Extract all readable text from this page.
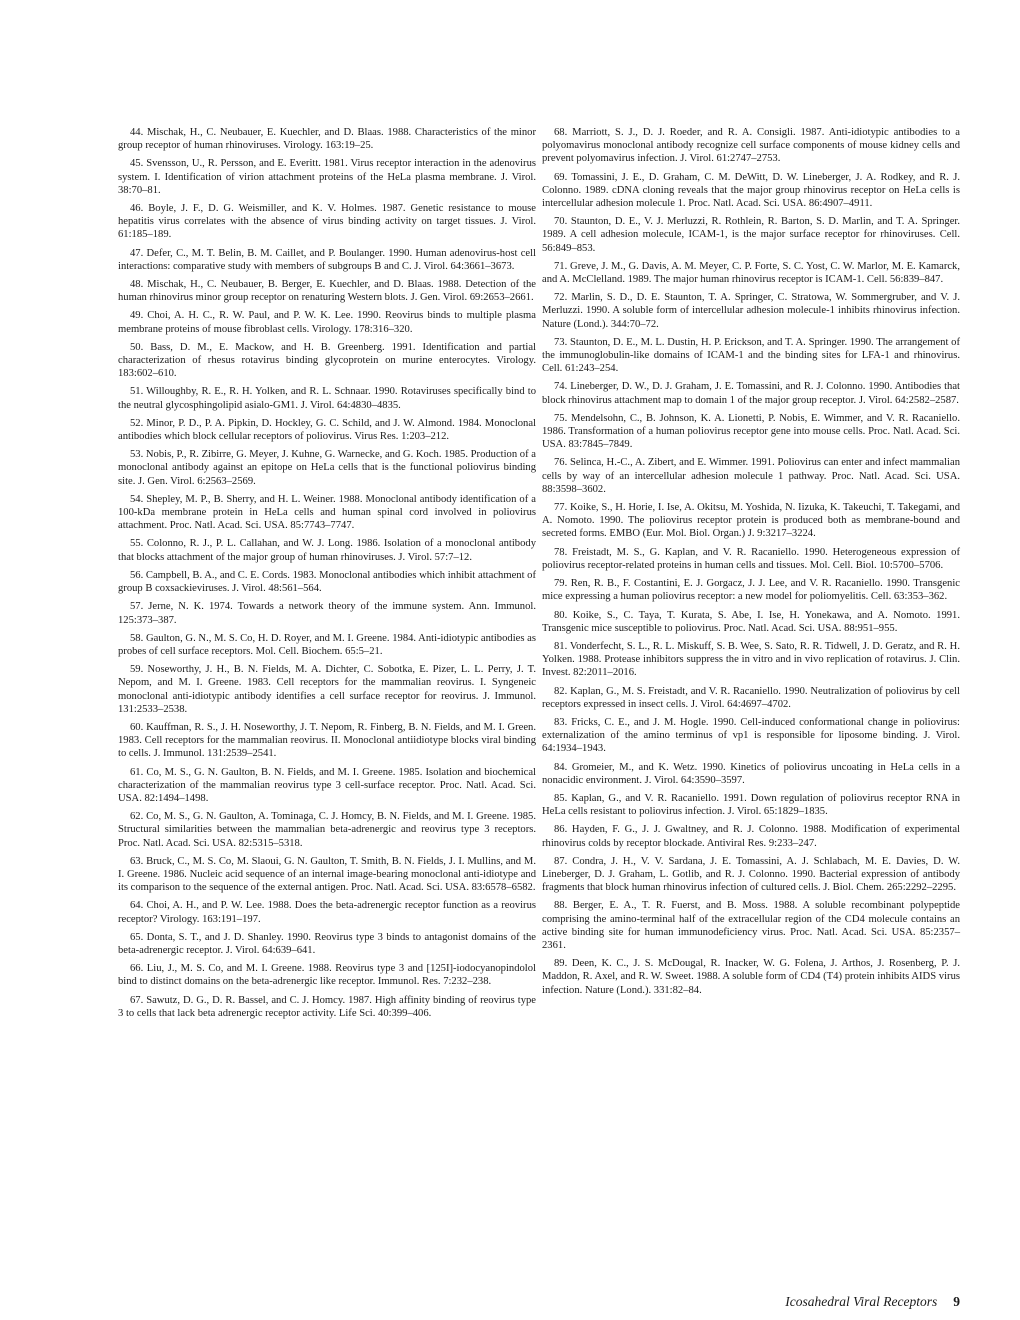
44. Mischak, H., C. Neubauer, E. Kuechler, and D. Blaas. 1988. Characteristics of the minor group receptor of human rhinoviruses. Virology. 163:19–25.

45. Svensson, U., R. Persson, and E. Everitt. 1981. Virus receptor interaction in the adenovirus system. I. Identification of virion attachment proteins of the HeLa plasma membrane. J. Virol. 38:70–81.

46. Boyle, J. F., D. G. Weismiller, and K. V. Holmes. 1987. Genetic resistance to mouse hepatitis virus correlates with the absence of virus binding activity on target tissues. J. Virol. 61:185–189.

47. Defer, C., M. T. Belin, B. M. Caillet, and P. Boulanger. 1990. Human adenovirus-host cell interactions: comparative study with members of subgroups B and C. J. Virol. 64:3661–3673.

48. Mischak, H., C. Neubauer, B. Berger, E. Kuechler, and D. Blaas. 1988. Detection of the human rhinovirus minor group receptor on renaturing Western blots. J. Gen. Virol. 69:2653–2661.

49. Choi, A. H. C., R. W. Paul, and P. W. K. Lee. 1990. Reovirus binds to multiple plasma membrane proteins of mouse fibroblast cells. Virology. 178:316–320.

50. Bass, D. M., E. Mackow, and H. B. Greenberg. 1991. Identification and partial characterization of rhesus rotavirus binding glycoprotein on murine enterocytes. Virology. 183:602–610.

51. Willoughby, R. E., R. H. Yolken, and R. L. Schnaar. 1990. Rotaviruses specifically bind to the neutral glycosphingolipid asialo-GM1. J. Virol. 64:4830–4835.

52. Minor, P. D., P. A. Pipkin, D. Hockley, G. C. Schild, and J. W. Almond. 1984. Monoclonal antibodies which block cellular receptors of poliovirus. Virus Res. 1:203–212.

53. Nobis, P., R. Zibirre, G. Meyer, J. Kuhne, G. Warnecke, and G. Koch. 1985. Production of a monoclonal antibody against an epitope on HeLa cells that is the functional poliovirus binding site. J. Gen. Virol. 6:2563–2569.

54. Shepley, M. P., B. Sherry, and H. L. Weiner. 1988. Monoclonal antibody identification of a 100-kDa membrane protein in HeLa cells and human spinal cord involved in poliovirus attachment. Proc. Natl. Acad. Sci. USA. 85:7743–7747.

55. Colonno, R. J., P. L. Callahan, and W. J. Long. 1986. Isolation of a monoclonal antibody that blocks attachment of the major group of human rhinoviruses. J. Virol. 57:7–12.

56. Campbell, B. A., and C. E. Cords. 1983. Monoclonal antibodies which inhibit attachment of group B coxsackieviruses. J. Virol. 48:561–564.

57. Jerne, N. K. 1974. Towards a network theory of the immune system. Ann. Immunol. 125:373–387.

58. Gaulton, G. N., M. S. Co, H. D. Royer, and M. I. Greene. 1984. Anti-idiotypic antibodies as probes of cell surface receptors. Mol. Cell. Biochem. 65:5–21.

59. Noseworthy, J. H., B. N. Fields, M. A. Dichter, C. Sobotka, E. Pizer, L. L. Perry, J. T. Nepom, and M. I. Greene. 1983. Cell receptors for the mammalian reovirus. I. Syngeneic monoclonal anti-idiotypic antibody identifies a cell surface receptor for reovirus. J. Immunol. 131:2533–2538.

60. Kauffman, R. S., J. H. Noseworthy, J. T. Nepom, R. Finberg, B. N. Fields, and M. I. Green. 1983. Cell receptors for the mammalian reovirus. II. Monoclonal antiidiotype blocks viral binding to cells. J. Immunol. 131:2539–2541.

61. Co, M. S., G. N. Gaulton, B. N. Fields, and M. I. Greene. 1985. Isolation and biochemical characterization of the mammalian reovirus type 3 cell-surface receptor. Proc. Natl. Acad. Sci. USA. 82:1494–1498.

62. Co, M. S., G. N. Gaulton, A. Tominaga, C. J. Homcy, B. N. Fields, and M. I. Greene. 1985. Structural similarities between the mammalian beta-adrenergic and reovirus type 3 receptors. Proc. Natl. Acad. Sci. USA. 82:5315–5318.

63. Bruck, C., M. S. Co, M. Slaoui, G. N. Gaulton, T. Smith, B. N. Fields, J. I. Mullins, and M. I. Greene. 1986. Nucleic acid sequence of an internal image-bearing monoclonal anti-idiotype and its comparison to the sequence of the external antigen. Proc. Natl. Acad. Sci. USA. 83:6578–6582.

64. Choi, A. H., and P. W. Lee. 1988. Does the beta-adrenergic receptor function as a reovirus receptor? Virology. 163:191–197.

65. Donta, S. T., and J. D. Shanley. 1990. Reovirus type 3 binds to antagonist domains of the beta-adrenergic receptor. J. Virol. 64:639–641.

66. Liu, J., M. S. Co, and M. I. Greene. 1988. Reovirus type 3 and [125I]-iodocyanopindolol bind to distinct domains on the beta-adrenergic like receptor. Immunol. Res. 7:232–238.

67. Sawutz, D. G., D. R. Bassel, and C. J. Homcy. 1987. High affinity binding of reovirus type 3 to cells that lack beta adrenergic receptor activity. Life Sci. 40:399–406.

68. Marriott, S. J., D. J. Roeder, and R. A. Consigli. 1987. Anti-idiotypic antibodies to a polyomavirus monoclonal antibody recognize cell surface components of mouse kidney cells and prevent polyomavirus infection. J. Virol. 61:2747–2753.

69. Tomassini, J. E., D. Graham, C. M. DeWitt, D. W. Lineberger, J. A. Rodkey, and R. J. Colonno. 1989. cDNA cloning reveals that the major group rhinovirus receptor on HeLa cells is intercellular adhesion molecule 1. Proc. Natl. Acad. Sci. USA. 86:4907–4911.

70. Staunton, D. E., V. J. Merluzzi, R. Rothlein, R. Barton, S. D. Marlin, and T. A. Springer. 1989. A cell adhesion molecule, ICAM-1, is the major surface receptor for rhinoviruses. Cell. 56:849–853.

71. Greve, J. M., G. Davis, A. M. Meyer, C. P. Forte, S. C. Yost, C. W. Marlor, M. E. Kamarck, and A. McClelland. 1989. The major human rhinovirus receptor is ICAM-1. Cell. 56:839–847.

72. Marlin, S. D., D. E. Staunton, T. A. Springer, C. Stratowa, W. Sommergruber, and V. J. Merluzzi. 1990. A soluble form of intercellular adhesion molecule-1 inhibits rhinovirus infection. Nature (Lond.). 344:70–72.

73. Staunton, D. E., M. L. Dustin, H. P. Erickson, and T. A. Springer. 1990. The arrangement of the immunoglobulin-like domains of ICAM-1 and the binding sites for LFA-1 and rhinovirus. Cell. 61:243–254.

74. Lineberger, D. W., D. J. Graham, J. E. Tomassini, and R. J. Colonno. 1990. Antibodies that block rhinovirus attachment map to domain 1 of the major group receptor. J. Virol. 64:2582–2587.

75. Mendelsohn, C., B. Johnson, K. A. Lionetti, P. Nobis, E. Wimmer, and V. R. Racaniello. 1986. Transformation of a human poliovirus receptor gene into mouse cells. Proc. Natl. Acad. Sci. USA. 83:7845–7849.

76. Selinca, H.-C., A. Zibert, and E. Wimmer. 1991. Poliovirus can enter and infect mammalian cells by way of an intercellular adhesion molecule 1 pathway. Proc. Natl. Acad. Sci. USA. 88:3598–3602.

77. Koike, S., H. Horie, I. Ise, A. Okitsu, M. Yoshida, N. Iizuka, K. Takeuchi, T. Takegami, and A. Nomoto. 1990. The poliovirus receptor protein is produced both as membrane-bound and secreted forms. EMBO (Eur. Mol. Biol. Organ.) J. 9:3217–3224.

78. Freistadt, M. S., G. Kaplan, and V. R. Racaniello. 1990. Heterogeneous expression of poliovirus receptor-related proteins in human cells and tissues. Mol. Cell. Biol. 10:5700–5706.

79. Ren, R. B., F. Costantini, E. J. Gorgacz, J. J. Lee, and V. R. Racaniello. 1990. Transgenic mice expressing a human poliovirus receptor: a new model for poliomyelitis. Cell. 63:353–362.

80. Koike, S., C. Taya, T. Kurata, S. Abe, I. Ise, H. Yonekawa, and A. Nomoto. 1991. Transgenic mice susceptible to poliovirus. Proc. Natl. Acad. Sci. USA. 88:951–955.

81. Vonderfecht, S. L., R. L. Miskuff, S. B. Wee, S. Sato, R. R. Tidwell, J. D. Geratz, and R. H. Yolken. 1988. Protease inhibitors suppress the in vitro and in vivo replication of rotavirus. J. Clin. Invest. 82:2011–2016.

82. Kaplan, G., M. S. Freistadt, and V. R. Racaniello. 1990. Neutralization of poliovirus by cell receptors expressed in insect cells. J. Virol. 64:4697–4702.

83. Fricks, C. E., and J. M. Hogle. 1990. Cell-induced conformational change in poliovirus: externalization of the amino terminus of vp1 is responsible for liposome binding. J. Virol. 64:1934–1943.

84. Gromeier, M., and K. Wetz. 1990. Kinetics of poliovirus uncoating in HeLa cells in a nonacidic environment. J. Virol. 64:3590–3597.

85. Kaplan, G., and V. R. Racaniello. 1991. Down regulation of poliovirus receptor RNA in HeLa cells resistant to poliovirus infection. J. Virol. 65:1829–1835.

86. Hayden, F. G., J. J. Gwaltney, and R. J. Colonno. 1988. Modification of experimental rhinovirus colds by receptor blockade. Antiviral Res. 9:233–247.

87. Condra, J. H., V. V. Sardana, J. E. Tomassini, A. J. Schlabach, M. E. Davies, D. W. Lineberger, D. J. Graham, L. Gotlib, and R. J. Colonno. 1990. Bacterial expression of antibody fragments that block human rhinovirus infection of cultured cells. J. Biol. Chem. 265:2292–2295.

88. Berger, E. A., T. R. Fuerst, and B. Moss. 1988. A soluble recombinant polypeptide comprising the amino-terminal half of the extracellular region of the CD4 molecule contains an active binding site for human immunodeficiency virus. Proc. Natl. Acad. Sci. USA. 85:2357–2361.

89. Deen, K. C., J. S. McDougal, R. Inacker, W. G. Folena, J. Arthos, J. Rosenberg, P. J. Maddon, R. Axel, and R. W. Sweet. 1988. A soluble form of CD4 (T4) protein inhibits AIDS virus infection. Nature (Lond.). 331:82–84.

Icosahedral Viral Receptors 9
